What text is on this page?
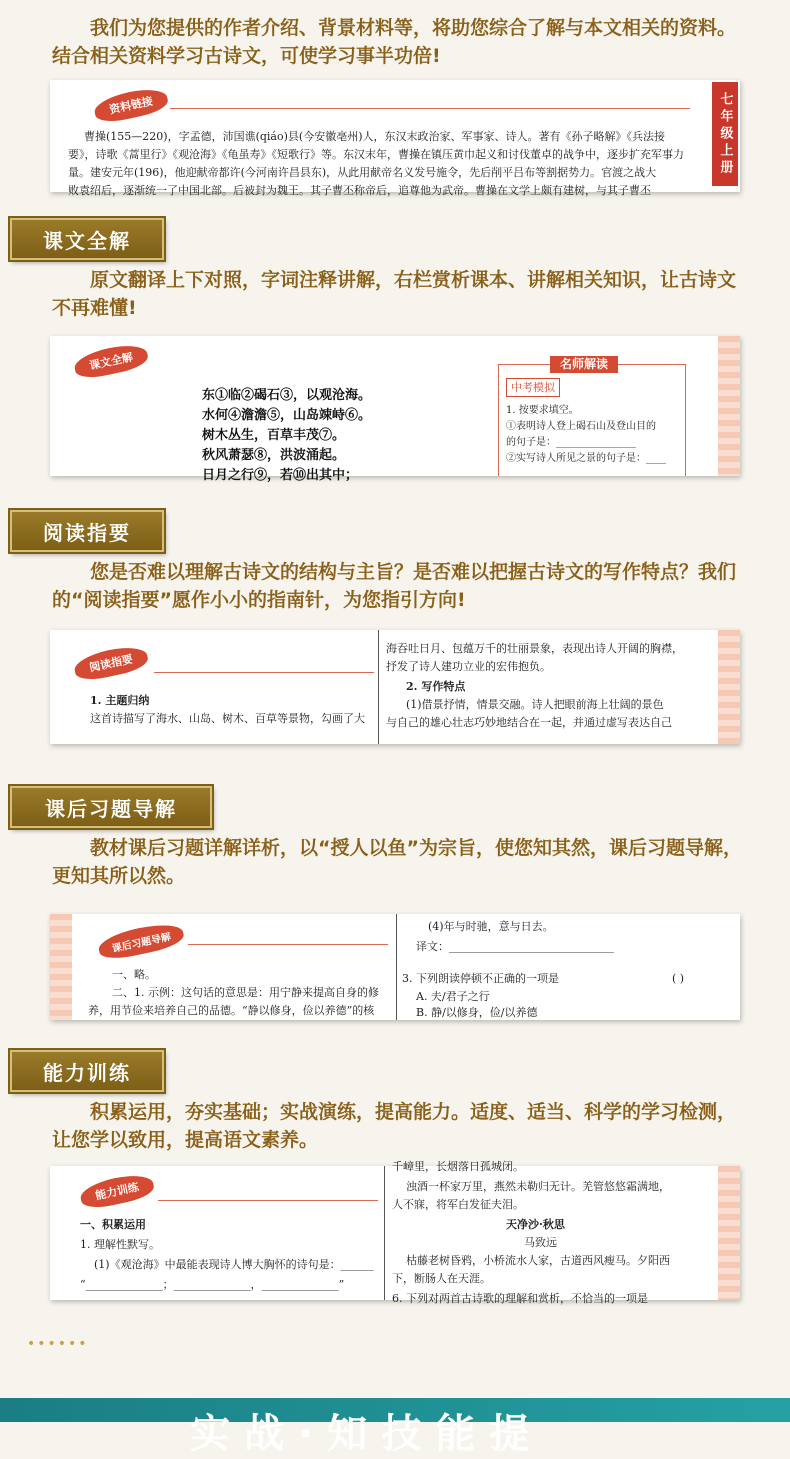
我们为您提供的作者介绍、背景材料等，将助您综合了解与本文相关的资料。结合相关资料学习古诗文，可使学习事半功倍!
资料链接	七年级上册
曹操(155—220)，字孟德，沛国谯(qiáo)县(今安徽亳州)人，东汉末政治家、军事家、诗人。著有《孙子略解》《兵法接
要》，诗歌《蒿里行》《观沧海》《龟虽寿》《短歌行》等。东汉末年，曹操在镇压黄巾起义和讨伐董卓的战争中，逐步扩充军事力
量。建安元年(196)，他迎献帝都许(今河南许昌县东)，从此用献帝名义发号施令，先后削平吕布等割据势力。官渡之战大
败袁绍后，逐渐统一了中国北部。后被封为魏王。其子曹丕称帝后，追尊他为武帝。曹操在文学上颇有建树，与其子曹丕
课文全解
原文翻译上下对照，字词注释讲解，右栏赏析课本、讲解相关知识，让古诗文不再难懂!
课文全解
东①临②碣石③，以观沧海。
水何④澹澹⑤，山岛竦峙⑥。
树木丛生，百草丰茂⑦。
秋风萧瑟⑧，洪波涌起。
日月之行⑨，若⑩出其中；
名师解读
中考模拟
1. 按要求填空。
①表明诗人登上碣石山及登山目的
的句子是：________________
②实写诗人所见之景的句子是：____
阅读指要
您是否难以理解古诗文的结构与主旨？是否难以把握古诗文的写作特点？我们的“阅读指要”愿作小小的指南针，为您指引方向!
阅读指要
1. 主题归纳
这首诗描写了海水、山岛、树木、百草等景物，勾画了大
海吞吐日月、包蕴万千的壮丽景象，表现出诗人开阔的胸襟，
抒发了诗人建功立业的宏伟抱负。
2. 写作特点
(1)借景抒情，情景交融。诗人把眼前海上壮阔的景色
与自己的雄心壮志巧妙地结合在一起，并通过虚写表达自己
课后习题导解
教材课后习题详解详析，以“授人以鱼”为宗旨，使您知其然，课后习题导解，更知其所以然。
课后习题导解
一、略。
二、1. 示例：这句话的意思是：用宁静来提高自身的修
养，用节俭来培养自己的品德。“静以修身，俭以养德”的核
(4)年与时驰，意与日去。
译文：______________________________
3. 下列朗读停顿不正确的一项是	( )
A. 夫/君子之行
B. 静/以修身，俭/以养德
能力训练
积累运用，夯实基础；实战演练，提高能力。适度、适当、科学的学习检测，让您学以致用，提高语文素养。
能力训练
一、积累运用
1. 理解性默写。
(1)《观沧海》中最能表现诗人博大胸怀的诗句是：______
“______________；______________，______________”
千嶂里，长烟落日孤城闭。
浊酒一杯家万里，燕然未勒归无计。羌管悠悠霜满地，
人不寐，将军白发征夫泪。
天净沙·秋思
马致远
枯藤老树昏鸦，小桥流水人家，古道西风瘦马。夕阳西
下，断肠人在天涯。
6. 下列对两首古诗歌的理解和赏析，不恰当的一项是
••••••
实战·知技能提
